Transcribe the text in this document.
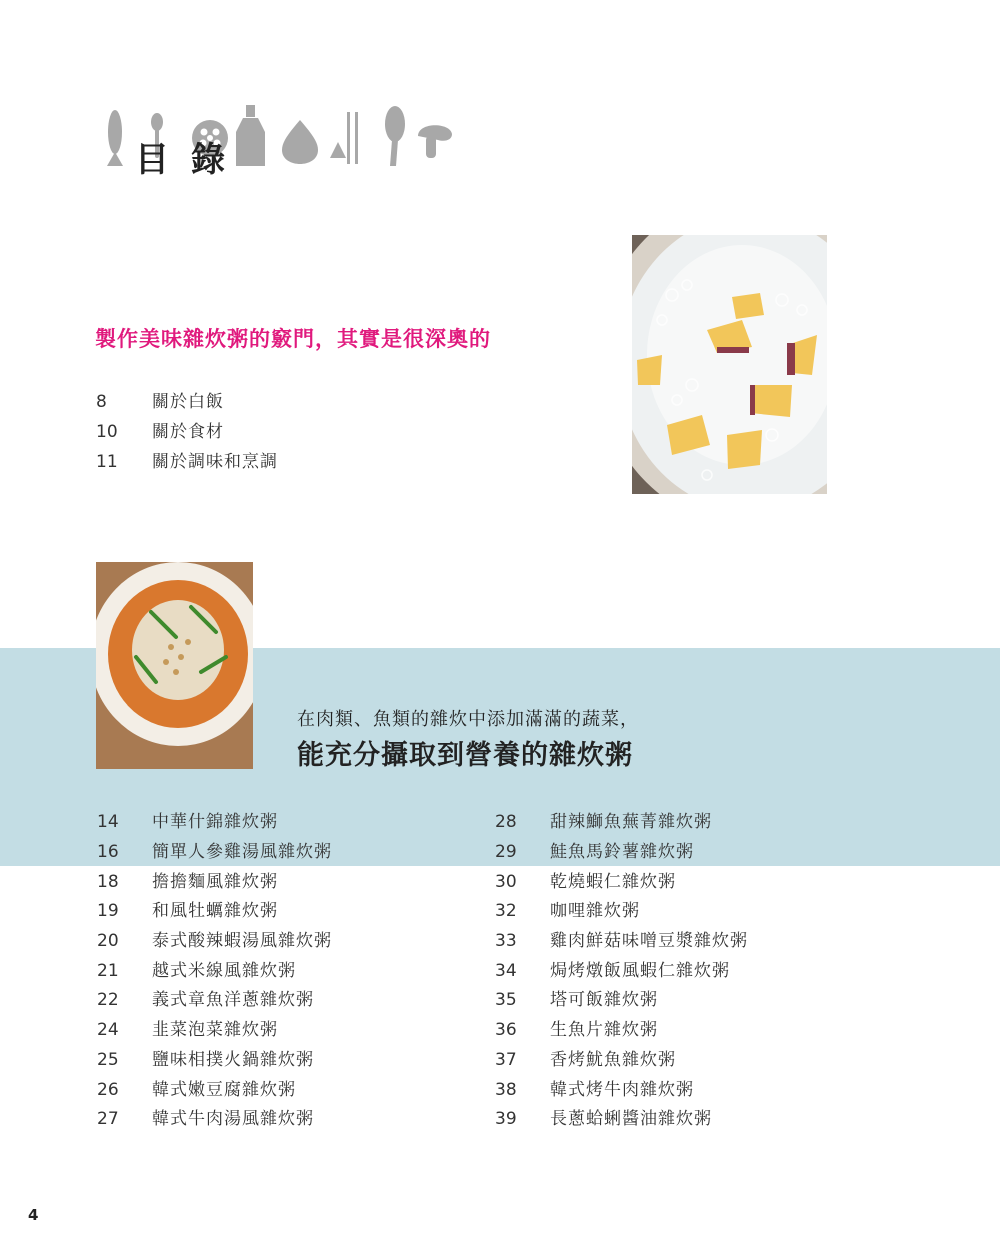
目錄
製作美味雜炊粥的竅門，其實是很深奧的
8	關於白飯
10 關於食材
11 關於調味和烹調
在肉類、魚類的雜炊中添加滿滿的蔬菜，
能充分攝取到營養的雜炊粥
14 中華什錦雜炊粥
16 簡單人參雞湯風雜炊粥
18 擔擔麵風雜炊粥
19 和風牡蠣雜炊粥
20 泰式酸辣蝦湯風雜炊粥
21 越式米線風雜炊粥
22 義式章魚洋蔥雜炊粥
24 韭菜泡菜雜炊粥
25 鹽味相撲火鍋雜炊粥
26 韓式嫩豆腐雜炊粥
27 韓式牛肉湯風雜炊粥
28 甜辣鰤魚蕪菁雜炊粥
29 鮭魚馬鈴薯雜炊粥
30 乾燒蝦仁雜炊粥
32 咖哩雜炊粥
33 雞肉鮮菇味噌豆漿雜炊粥
34 焗烤燉飯風蝦仁雜炊粥
35 塔可飯雜炊粥
36 生魚片雜炊粥
37 香烤魷魚雜炊粥
38 韓式烤牛肉雜炊粥
39 長蔥蛤蜊醬油雜炊粥
4
